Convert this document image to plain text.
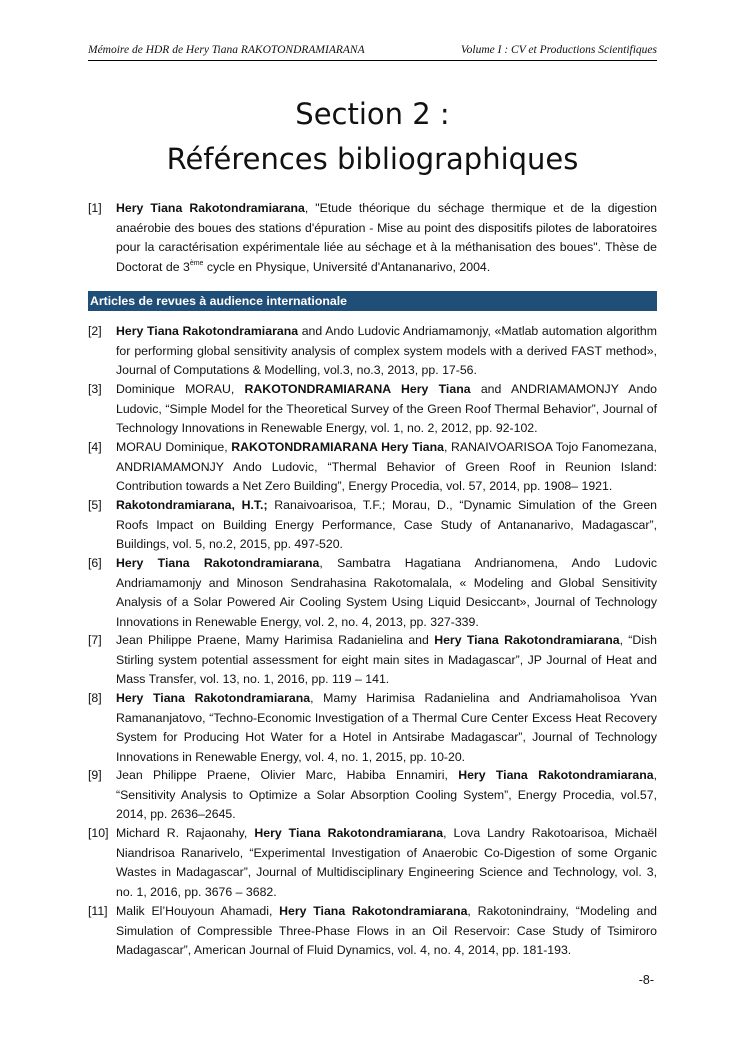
Mémoire de HDR de Hery Tiana RAKOTONDRAMIARANA	Volume I : CV et Productions Scientifiques
Section 2 :
Références bibliographiques
[1] Hery Tiana Rakotondramiarana, "Etude théorique du séchage thermique et de la digestion anaérobie des boues des stations d'épuration - Mise au point des dispositifs pilotes de laboratoires pour la caractérisation expérimentale liée au séchage et à la méthanisation des boues". Thèse de Doctorat de 3ème cycle en Physique, Université d'Antananarivo, 2004.
Articles de revues à audience internationale
[2] Hery Tiana Rakotondramiarana and Ando Ludovic Andriamamonjy, «Matlab automation algorithm for performing global sensitivity analysis of complex system models with a derived FAST method», Journal of Computations & Modelling, vol.3, no.3, 2013, pp. 17-56.
[3] Dominique MORAU, RAKOTONDRAMIARANA Hery Tiana and ANDRIAMAMONJY Ando Ludovic, “Simple Model for the Theoretical Survey of the Green Roof Thermal Behavior”, Journal of Technology Innovations in Renewable Energy, vol. 1, no. 2, 2012, pp. 92-102.
[4] MORAU Dominique, RAKOTONDRAMIARANA Hery Tiana, RANAIVOARISOA Tojo Fanomezana, ANDRIAMAMONJY Ando Ludovic, “Thermal Behavior of Green Roof in Reunion Island: Contribution towards a Net Zero Building”, Energy Procedia, vol. 57, 2014, pp. 1908– 1921.
[5] Rakotondramiarana, H.T.; Ranaivoarisoa, T.F.; Morau, D., “Dynamic Simulation of the Green Roofs Impact on Building Energy Performance, Case Study of Antananarivo, Madagascar”, Buildings, vol. 5, no.2, 2015, pp. 497-520.
[6] Hery Tiana Rakotondramiarana, Sambatra Hagatiana Andrianomena, Ando Ludovic Andriamamonjy and Minoson Sendrahasina Rakotomalala, « Modeling and Global Sensitivity Analysis of a Solar Powered Air Cooling System Using Liquid Desiccant», Journal of Technology Innovations in Renewable Energy, vol. 2, no. 4, 2013, pp. 327-339.
[7] Jean Philippe Praene, Mamy Harimisa Radanielina and Hery Tiana Rakotondramiarana, “Dish Stirling system potential assessment for eight main sites in Madagascar”, JP Journal of Heat and Mass Transfer, vol. 13, no. 1, 2016, pp. 119 – 141.
[8] Hery Tiana Rakotondramiarana, Mamy Harimisa Radanielina and Andriamaholisoa Yvan Ramananjatovo, “Techno-Economic Investigation of a Thermal Cure Center Excess Heat Recovery System for Producing Hot Water for a Hotel in Antsirabe Madagascar”, Journal of Technology Innovations in Renewable Energy, vol. 4, no. 1, 2015, pp. 10-20.
[9] Jean Philippe Praene, Olivier Marc, Habiba Ennamiri, Hery Tiana Rakotondramiarana, “Sensitivity Analysis to Optimize a Solar Absorption Cooling System”, Energy Procedia, vol.57, 2014, pp. 2636–2645.
[10] Michard R. Rajaonahy, Hery Tiana Rakotondramiarana, Lova Landry Rakotoarisoa, Michaël Niandrisoa Ranarivelo, “Experimental Investigation of Anaerobic Co-Digestion of some Organic Wastes in Madagascar”, Journal of Multidisciplinary Engineering Science and Technology, vol. 3, no. 1, 2016, pp. 3676 – 3682.
[11] Malik El’Houyoun Ahamadi, Hery Tiana Rakotondramiarana, Rakotonindrainy, “Modeling and Simulation of Compressible Three-Phase Flows in an Oil Reservoir: Case Study of Tsimiroro Madagascar”, American Journal of Fluid Dynamics, vol. 4, no. 4, 2014, pp. 181-193.
-8-
